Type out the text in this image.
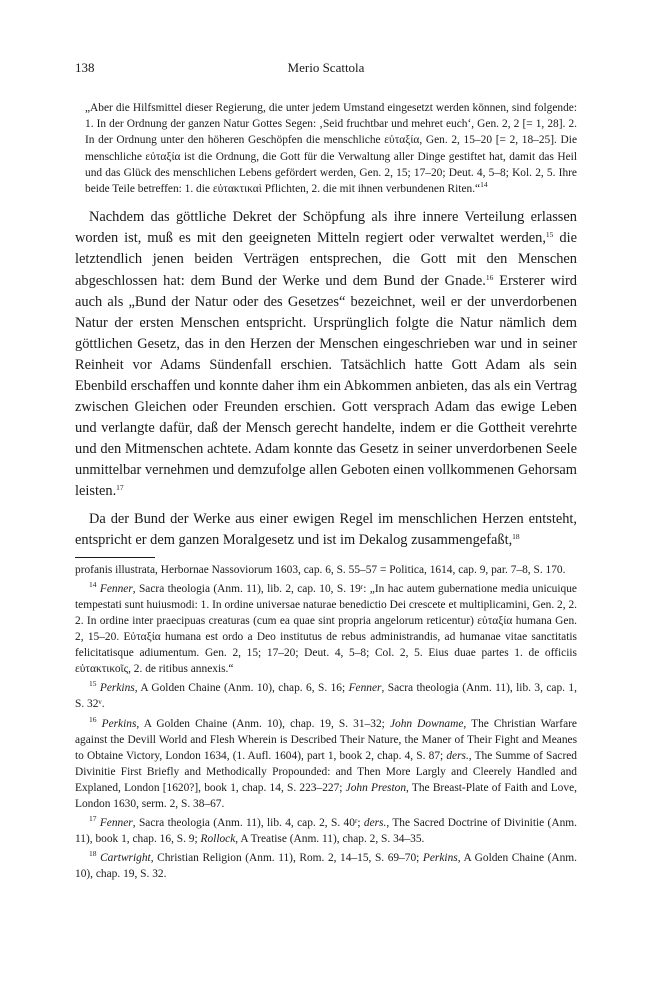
138	Merio Scattola

„Aber die Hilfsmittel dieser Regierung, die unter jedem Umstand eingesetzt werden können, sind folgende: 1. In der Ordnung der ganzen Natur Gottes Segen: ‚Seid fruchtbar und mehret euch‘, Gen. 2, 2 [= 1, 28]. 2. In der Ordnung unter den höheren Geschöpfen die menschliche εὐταξία, Gen. 2, 15–20 [= 2, 18–25]. Die menschliche εὐταξία ist die Ordnung, die Gott für die Verwaltung aller Dinge gestiftet hat, damit das Heil und das Glück des menschlichen Lebens gefördert werden, Gen. 2, 15; 17–20; Deut. 4, 5–8; Kol. 2, 5. Ihre beide Teile betreffen: 1. die εὐτακτικαὶ Pflichten, 2. die mit ihnen verbundenen Riten.“$^{14}$

Nachdem das göttliche Dekret der Schöpfung als ihre innere Verteilung erlassen worden ist, muß es mit den geeigneten Mitteln regiert oder verwaltet werden,$^{15}$ die letztendlich jenen beiden Verträgen entsprechen, die Gott mit den Menschen abgeschlossen hat: dem Bund der Werke und dem Bund der Gnade.$^{16}$ Ersterer wird auch als „Bund der Natur oder des Gesetzes“ bezeichnet, weil er der unverdorbenen Natur der ersten Menschen entspricht. Ursprünglich folgte die Natur nämlich dem göttlichen Gesetz, das in den Herzen der Menschen eingeschrieben war und in seiner Reinheit vor Adams Sündenfall erschien. Tatsächlich hatte Gott Adam als sein Ebenbild erschaffen und konnte daher ihm ein Abkommen anbieten, das als ein Vertrag zwischen Gleichen oder Freunden erschien. Gott versprach Adam das ewige Leben und verlangte dafür, daß der Mensch gerecht handelte, indem er die Gottheit verehrte und den Mitmenschen achtete. Adam konnte das Gesetz in seiner unverdorbenen Seele unmittelbar vernehmen und demzufolge allen Geboten einen vollkommenen Gehorsam leisten.$^{17}$

Da der Bund der Werke aus einer ewigen Regel im menschlichen Herzen entsteht, entspricht er dem ganzen Moralgesetz und ist im Dekalog zusammengefaßt,$^{18}$

profanis illustrata, Herbornae Nassoviorum 1603, cap. 6, S. 55–57 = Politica, 1614, cap. 9, par. 7–8, S. 170.

$^{14}$ Fenner, Sacra theologia (Anm. 11), lib. 2, cap. 10, S. 19ʳ: „In hac autem gubernatione media unicuique tempestati sunt huiusmodi: 1. In ordine universae naturae benedictio Dei crescete et multiplicamini, Gen. 2, 2. 2. In ordine inter praecipuas creaturas (cum ea quae sint propria angelorum reticentur) εὐταξία humana Gen. 2, 15–20. Εὐταξία humana est ordo a Deo institutus de rebus administrandis, ad humanae vitae sanctitatis felicitatisque adiumentum. Gen. 2, 15; 17–20; Deut. 4, 5–8; Col. 2, 5. Eius duae partes 1. de officiis εὐτακτικοῖς, 2. de ritibus annexis.“

$^{15}$ Perkins, A Golden Chaine (Anm. 10), chap. 6, S. 16; Fenner, Sacra theologia (Anm. 11), lib. 3, cap. 1, S. 32ᵛ.

$^{16}$ Perkins, A Golden Chaine (Anm. 10), chap. 19, S. 31–32; John Downame, The Christian Warfare against the Devill World and Flesh Wherein is Described Their Nature, the Maner of Their Fight and Meanes to Obtaine Victory, London 1634, (1. Aufl. 1604), part 1, book 2, chap. 4, S. 87; ders., The Summe of Sacred Divinitie First Briefly and Methodically Propounded: and Then More Largly and Cleerely Handled and Explaned, London [1620?], book 1, chap. 14, S. 223–227; John Preston, The Breast-Plate of Faith and Love, London 1630, serm. 2, S. 38–67.

$^{17}$ Fenner, Sacra theologia (Anm. 11), lib. 4, cap. 2, S. 40ʳ; ders., The Sacred Doctrine of Divinitie (Anm. 11), book 1, chap. 16, S. 9; Rollock, A Treatise (Anm. 11), chap. 2, S. 34–35.

$^{18}$ Cartwright, Christian Religion (Anm. 11), Rom. 2, 14–15, S. 69–70; Perkins, A Golden Chaine (Anm. 10), chap. 19, S. 32.
